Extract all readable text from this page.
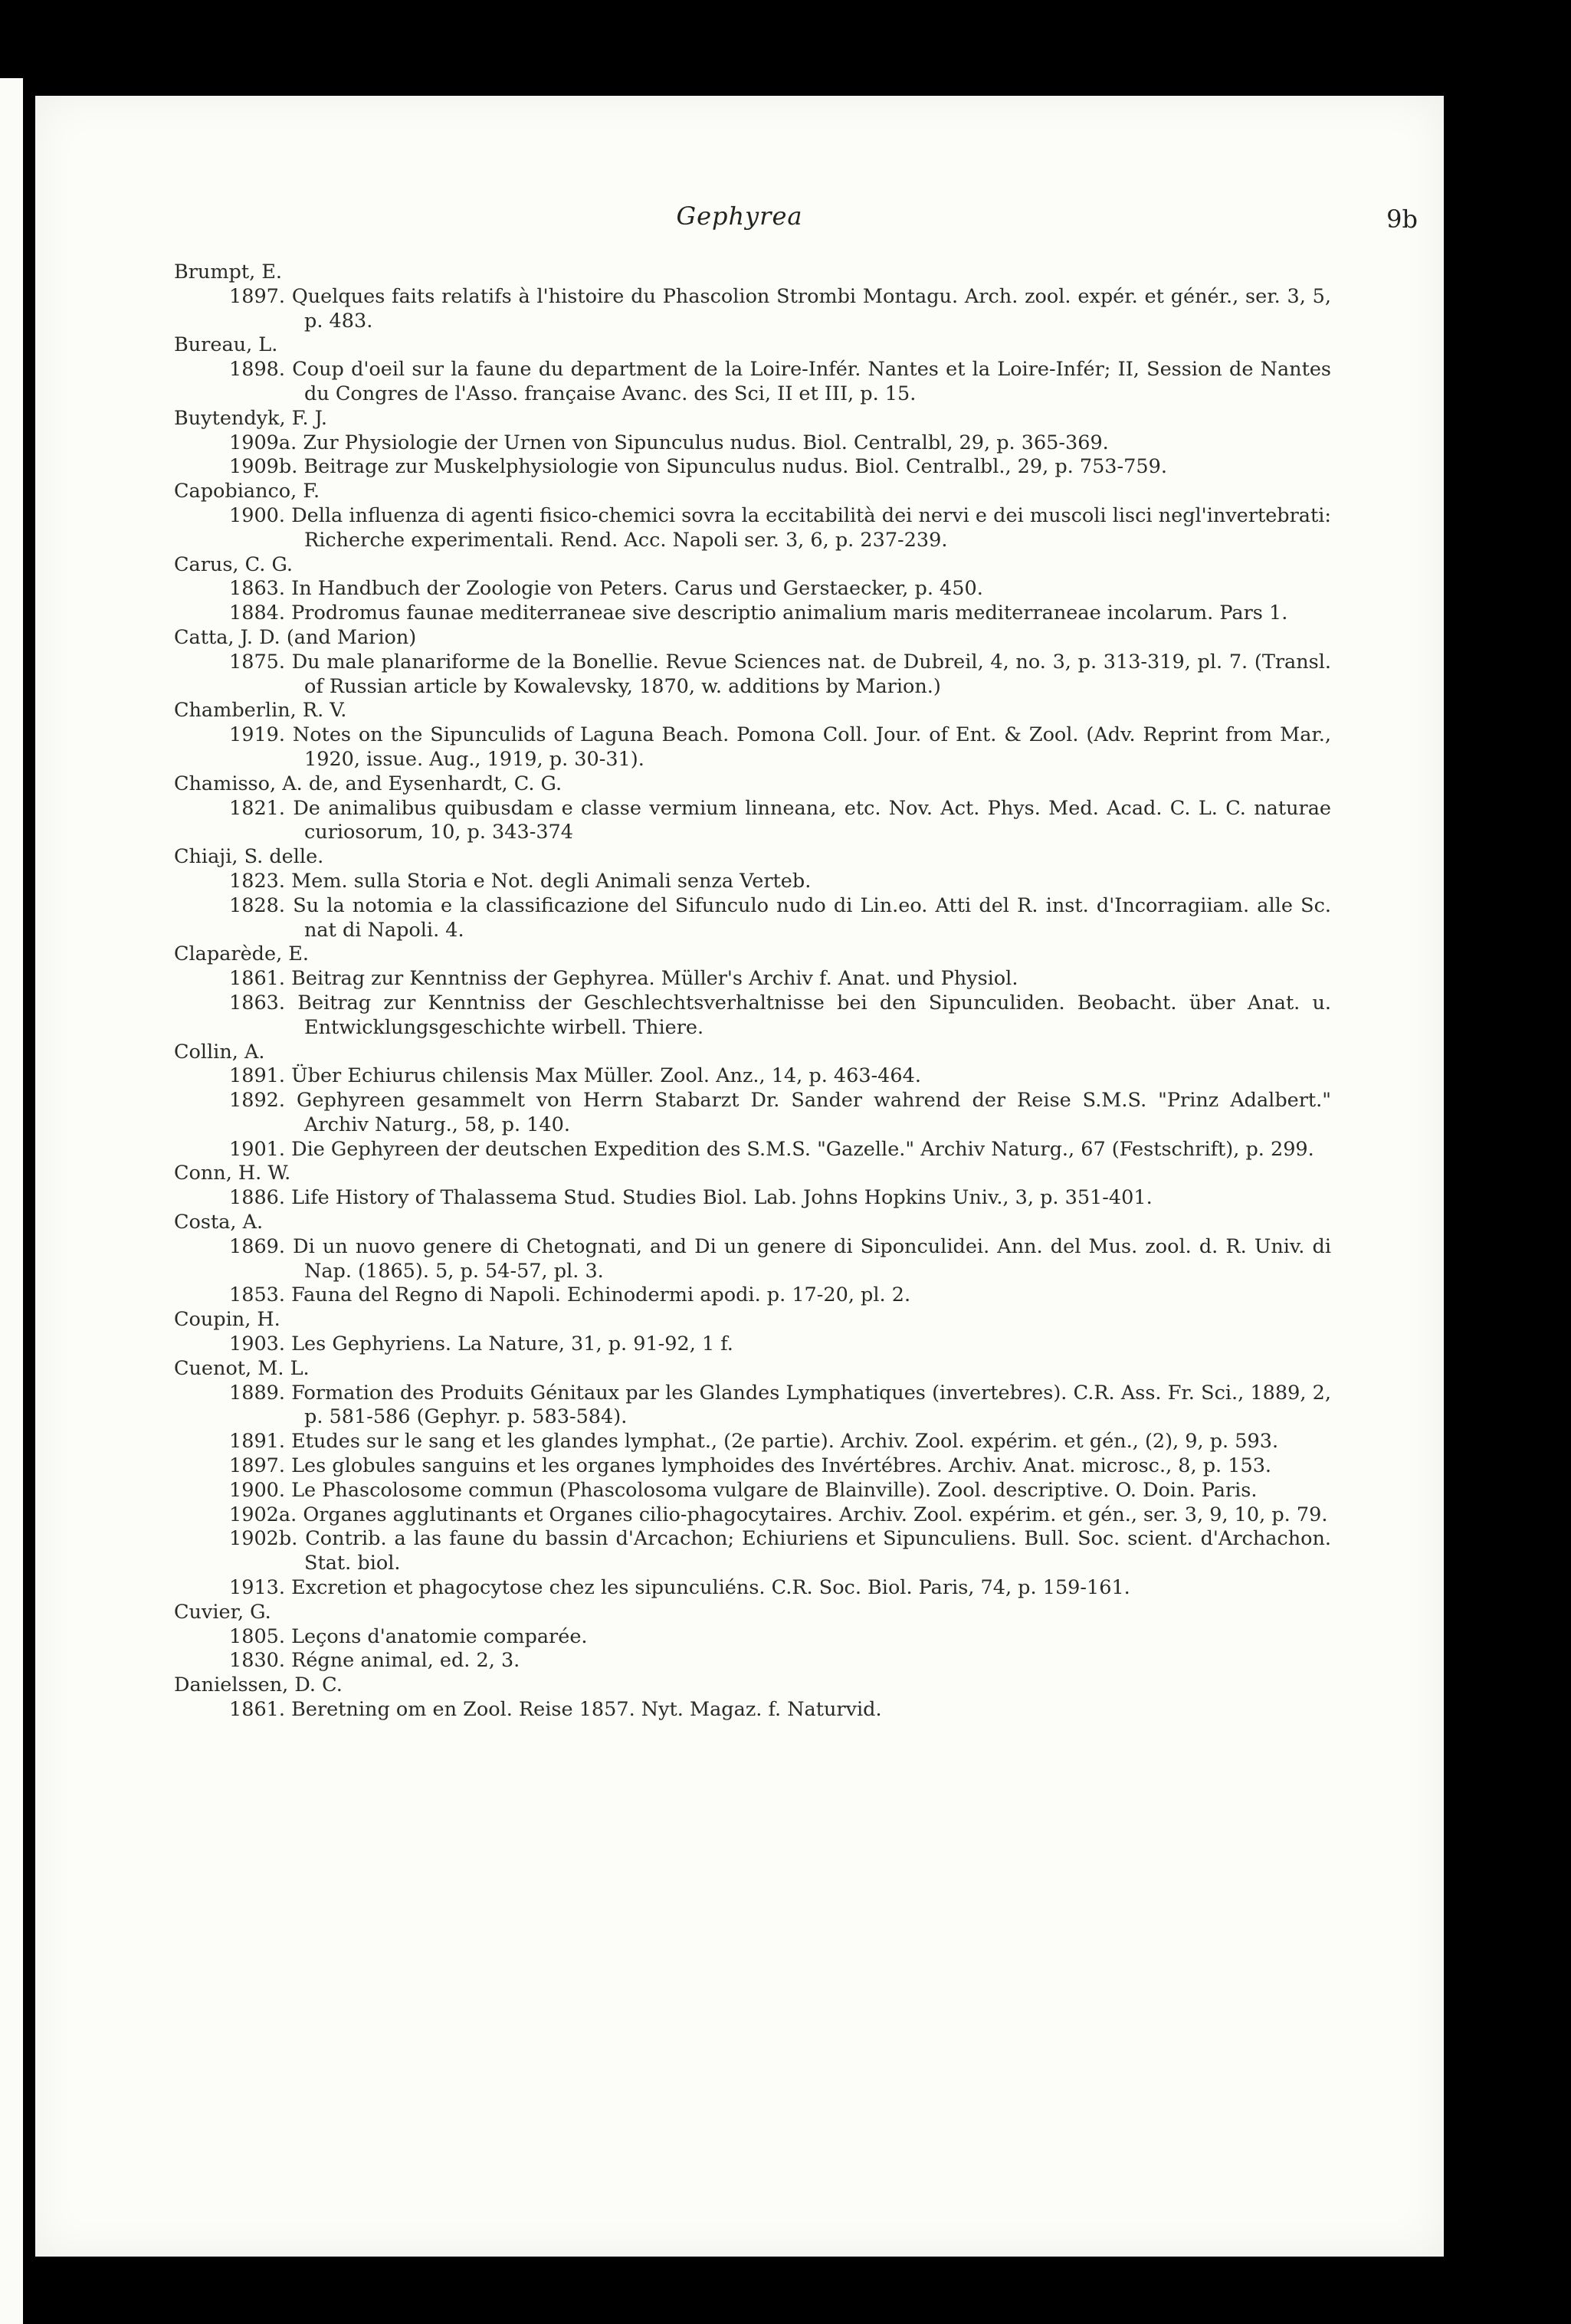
Gephyrea	9b
Brumpt, E.
1897. Quelques faits relatifs à l'histoire du Phascolion Strombi Montagu. Arch. zool. expér. et génér., ser. 3, 5, p. 483.
Bureau, L.
1898. Coup d'oeil sur la faune du department de la Loire-Infér. Nantes et la Loire-Infér; II, Session de Nantes du Congres de l'Asso. française Avanc. des Sci, II et III, p. 15.
Buytendyk, F. J.
1909a. Zur Physiologie der Urnen von Sipunculus nudus. Biol. Centralbl, 29, p. 365-369.
1909b. Beitrage zur Muskelphysiologie von Sipunculus nudus. Biol. Centralbl., 29, p. 753-759.
Capobianco, F.
1900. Della influenza di agenti fisico-chemici sovra la eccitabilità dei nervi e dei muscoli lisci negl'invertebrati: Richerche experimentali. Rend. Acc. Napoli ser. 3, 6, p. 237-239.
Carus, C. G.
1863. In Handbuch der Zoologie von Peters. Carus und Gerstaecker, p. 450.
1884. Prodromus faunae mediterraneae sive descriptio animalium maris mediterraneae incolarum. Pars 1.
Catta, J. D. (and Marion)
1875. Du male planariforme de la Bonellie. Revue Sciences nat. de Dubreil, 4, no. 3, p. 313-319, pl. 7. (Transl. of Russian article by Kowalevsky, 1870, w. additions by Marion.)
Chamberlin, R. V.
1919. Notes on the Sipunculids of Laguna Beach. Pomona Coll. Jour. of Ent. & Zool. (Adv. Reprint from Mar., 1920, issue. Aug., 1919, p. 30-31).
Chamisso, A. de, and Eysenhardt, C. G.
1821. De animalibus quibusdam e classe vermium linneana, etc. Nov. Act. Phys. Med. Acad. C. L. C. naturae curiosorum, 10, p. 343-374
Chiaji, S. delle.
1823. Mem. sulla Storia e Not. degli Animali senza Verteb.
1828. Su la notomia e la classificazione del Sifunculo nudo di Lin.eo. Atti del R. inst. d'Incorragiiam. alle Sc. nat di Napoli. 4.
Claparède, E.
1861. Beitrag zur Kenntniss der Gephyrea. Müller's Archiv f. Anat. und Physiol.
1863. Beitrag zur Kenntniss der Geschlechtsverhaltnisse bei den Sipunculiden. Beobacht. über Anat. u. Entwicklungsgeschichte wirbell. Thiere.
Collin, A.
1891. Über Echiurus chilensis Max Müller. Zool. Anz., 14, p. 463-464.
1892. Gephyreen gesammelt von Herrn Stabarzt Dr. Sander wahrend der Reise S.M.S. "Prinz Adalbert." Archiv Naturg., 58, p. 140.
1901. Die Gephyreen der deutschen Expedition des S.M.S. "Gazelle." Archiv Naturg., 67 (Festschrift), p. 299.
Conn, H. W.
1886. Life History of Thalassema Stud. Studies Biol. Lab. Johns Hopkins Univ., 3, p. 351-401.
Costa, A.
1869. Di un nuovo genere di Chetognati, and Di un genere di Siponculidei. Ann. del Mus. zool. d. R. Univ. di Nap. (1865). 5, p. 54-57, pl. 3.
1853. Fauna del Regno di Napoli. Echinodermi apodi. p. 17-20, pl. 2.
Coupin, H.
1903. Les Gephyriens. La Nature, 31, p. 91-92, 1 f.
Cuenot, M. L.
1889. Formation des Produits Génitaux par les Glandes Lymphatiques (invertebres). C.R. Ass. Fr. Sci., 1889, 2, p. 581-586 (Gephyr. p. 583-584).
1891. Etudes sur le sang et les glandes lymphat., (2e partie). Archiv. Zool. expérim. et gén., (2), 9, p. 593.
1897. Les globules sanguins et les organes lymphoides des Invértébres. Archiv. Anat. microsc., 8, p. 153.
1900. Le Phascolosome commun (Phascolosoma vulgare de Blainville). Zool. descriptive. O. Doin. Paris.
1902a. Organes agglutinants et Organes cilio-phagocytaires. Archiv. Zool. expérim. et gén., ser. 3, 9, 10, p. 79.
1902b. Contrib. a las faune du bassin d'Arcachon; Echiuriens et Sipunculiens. Bull. Soc. scient. d'Archachon. Stat. biol.
1913. Excretion et phagocytose chez les sipunculiéns. C.R. Soc. Biol. Paris, 74, p. 159-161.
Cuvier, G.
1805. Leçons d'anatomie comparée.
1830. Régne animal, ed. 2, 3.
Danielssen, D. C.
1861. Beretning om en Zool. Reise 1857. Nyt. Magaz. f. Naturvid.
